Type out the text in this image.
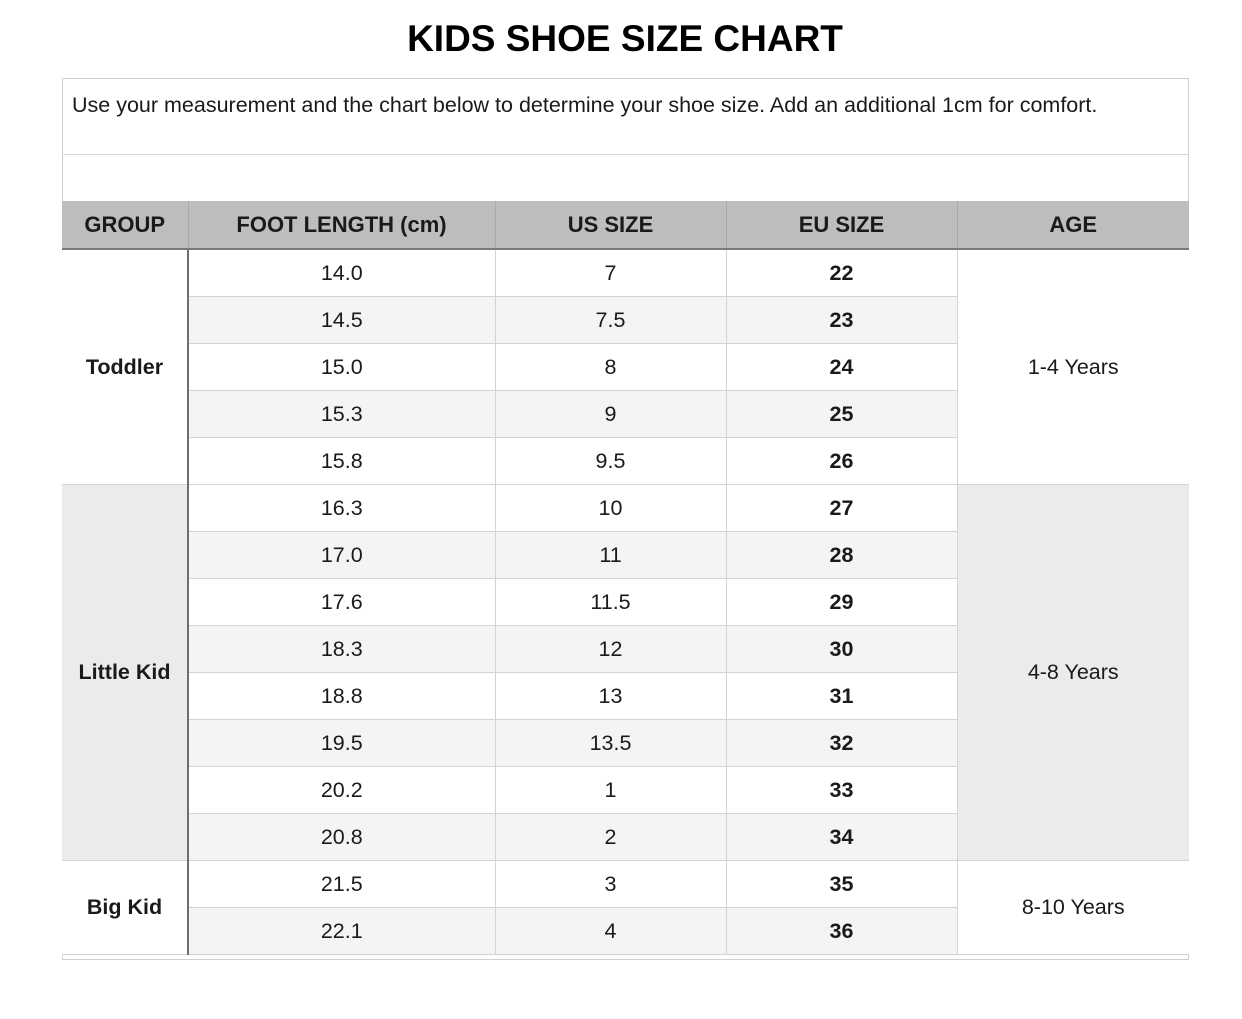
KIDS SHOE SIZE CHART
Use your measurement and the chart below to determine your shoe size. Add an additional 1cm for comfort.
GROUP	FOOT LENGTH (cm)	US SIZE	EU SIZE	AGE
Toddler	14.0	7	22	1-4 Years
	14.5	7.5	23	
	15.0	8	24	
	15.3	9	25	
	15.8	9.5	26	
Little Kid	16.3	10	27	4-8 Years
	17.0	11	28	
	17.6	11.5	29	
	18.3	12	30	
	18.8	13	31	
	19.5	13.5	32	
	20.2	1	33	
	20.8	2	34	
Big Kid	21.5	3	35	8-10 Years
	22.1	4	36	
